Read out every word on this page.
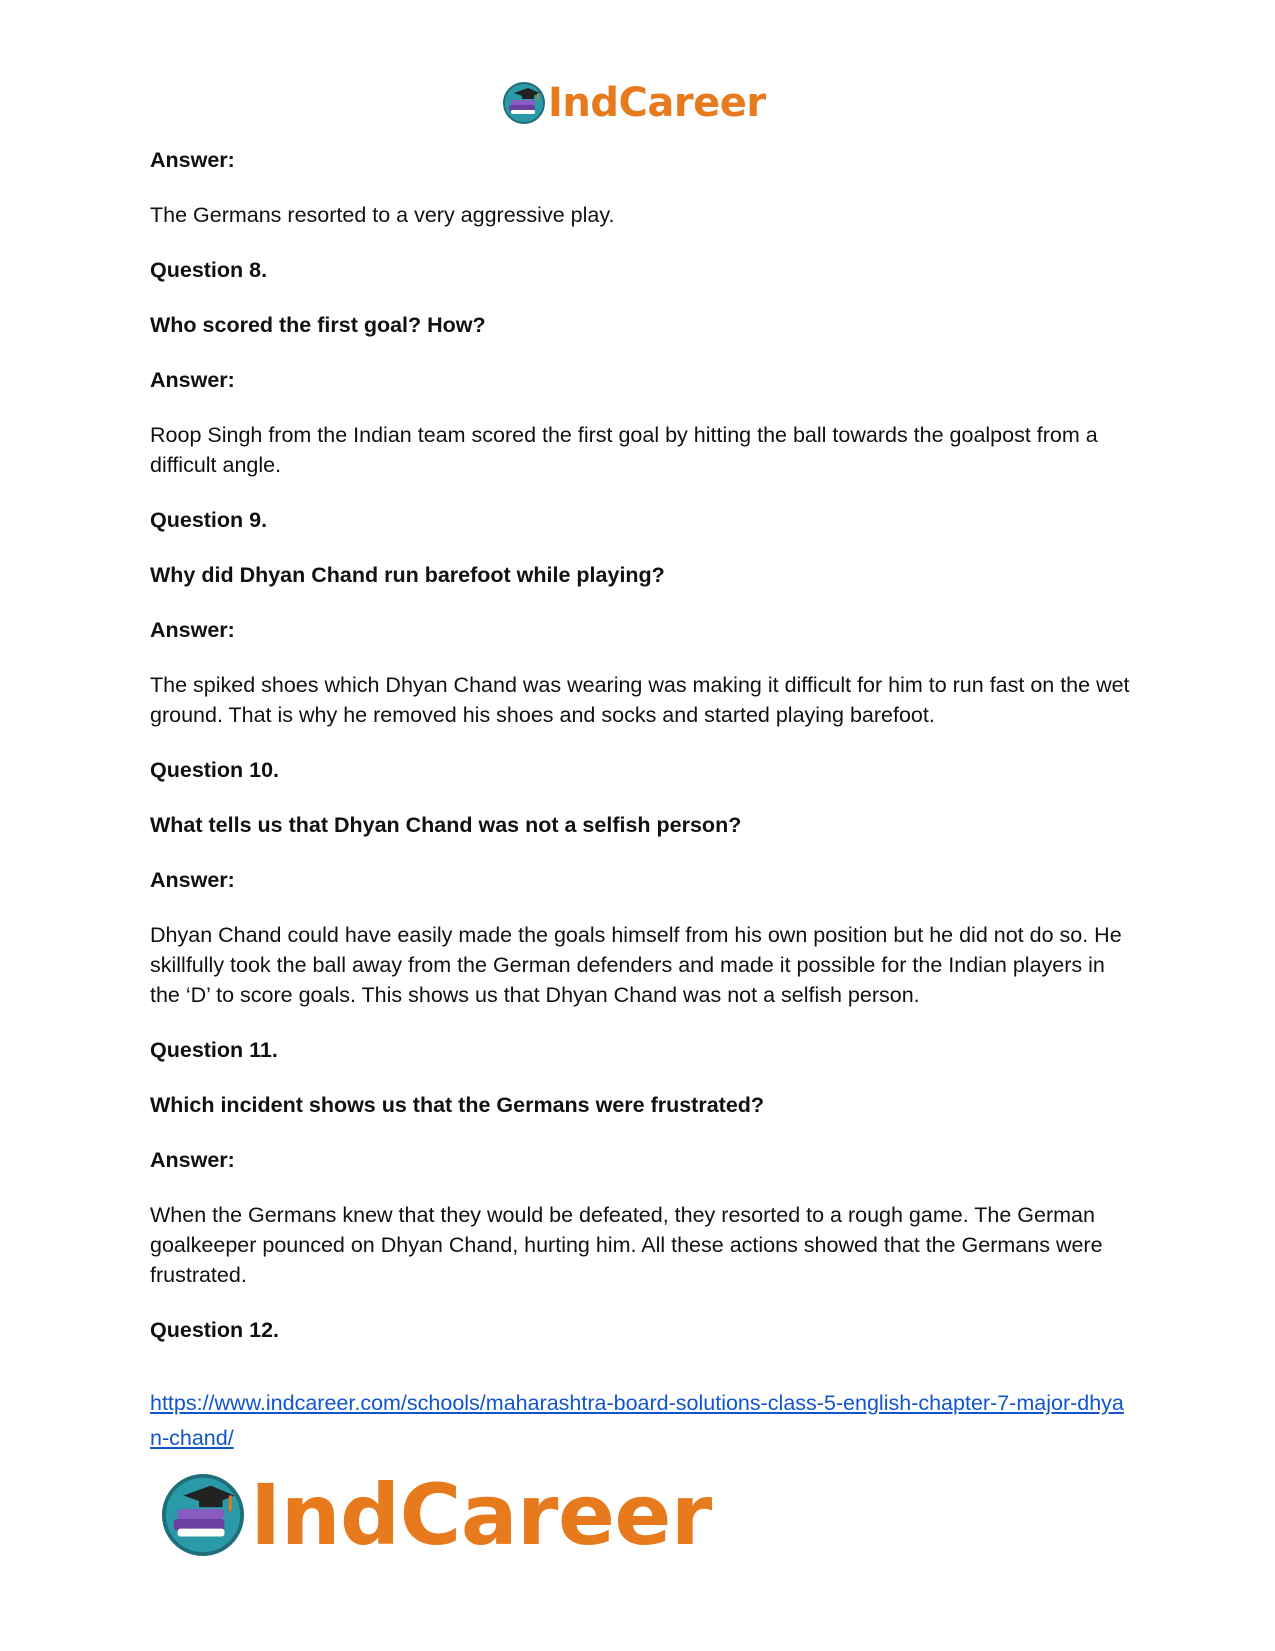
IndCareer

Answer:

The Germans resorted to a very aggressive play.

Question 8.

Who scored the first goal? How?

Answer:

Roop Singh from the Indian team scored the first goal by hitting the ball towards the goalpost from a difficult angle.

Question 9.

Why did Dhyan Chand run barefoot while playing?

Answer:

The spiked shoes which Dhyan Chand was wearing was making it difficult for him to run fast on the wet ground. That is why he removed his shoes and socks and started playing barefoot.

Question 10.

What tells us that Dhyan Chand was not a selfish person?

Answer:

Dhyan Chand could have easily made the goals himself from his own position but he did not do so. He skillfully took the ball away from the German defenders and made it possible for the Indian players in the ‘D’ to score goals. This shows us that Dhyan Chand was not a selfish person.

Question 11.

Which incident shows us that the Germans were frustrated?

Answer:

When the Germans knew that they would be defeated, they resorted to a rough game. The German goalkeeper pounced on Dhyan Chand, hurting him. All these actions showed that the Germans were frustrated.

Question 12.

https://www.indcareer.com/schools/maharashtra-board-solutions-class-5-english-chapter-7-major-dhyan-chand/
IndCareer
